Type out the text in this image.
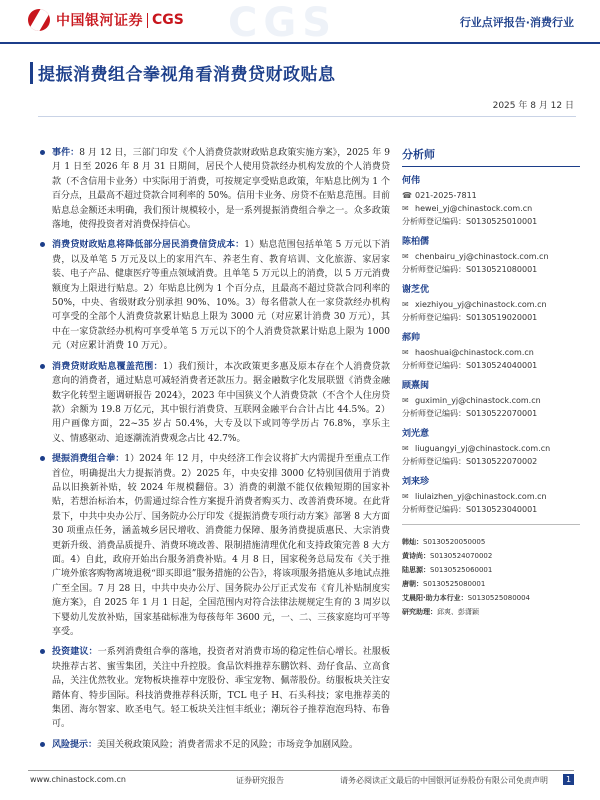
中国银河证券 CGS CGS	行业点评报告·消费行业
提振消费组合拳视角看消费贷财政贴息
2025 年 8 月 12 日
事件：8 月 12 日，三部门印发《个人消费贷款财政贴息政策实施方案》，2025 年 9 月 1 日至 2026 年 8 月 31 日期间，居民个人使用贷款经办机构发放的个人消费贷款（不含信用卡业务）中实际用于消费，可按规定享受贴息政策，年贴息比例为 1 个百分点，且最高不超过贷款合同利率的 50%。信用卡业务、房贷不在贴息范围。目前贴息总金额还未明确，我们预计规模较小，是一系列提振消费组合拳之一。众多政策落地，使得投资者对消费保持信心。
消费贷财政贴息将降低部分居民消费信贷成本：1）贴息范围包括单笔 5 万元以下消费，以及单笔 5 万元及以上的家用汽车、养老生育、教育培训、文化旅游、家居家装、电子产品、健康医疗等重点领域消费。且单笔 5 万元以上的消费，以 5 万元消费额度为上限进行贴息。2）年贴息比例为 1 个百分点，且最高不超过贷款合同利率的 50%，中央、省级财政分别承担 90%、10%。3）每名借款人在一家贷款经办机构可享受的全部个人消费贷款累计贴息上限为 3000 元（对应累计消费 30 万元），其中在一家贷款经办机构可享受单笔 5 万元以下的个人消费贷款累计贴息上限为 1000 元（对应累计消费 10 万元）。
消费贷财政贴息覆盖范围：1）我们预计，本次政策更多惠及原本存在个人消费贷款意向的消费者，通过贴息可减轻消费者还款压力。据金融数字化发展联盟《消费金融数字化转型主题调研报告 2024》，2023 年中国狭义个人消费贷款（不含个人住房贷款）余额为 19.8 万亿元，其中银行消费贷、互联网金融平台合计占比 44.5%。2）用户画像方面，22~35 岁占 50.4%，大专及以下或同等学历占 76.8%，享乐主义、情感驱动、追逐潮流消费观念占比 42.7%。
提振消费组合拳：1）2024 年 12 月，中央经济工作会议将扩大内需提升至重点工作首位，明确提出大力提振消费。2）2025 年，中央安排 3000 亿特别国债用于消费品以旧换新补贴，较 2024 年规模翻倍。3）消费的刺激不能仅依赖短期的国家补贴，若想治标治本，仍需通过综合性方案提升消费者购买力、改善消费环境。在此背景下，中共中央办公厅、国务院办公厅印发《提振消费专项行动方案》部署 8 大方面 30 项重点任务，涵盖城乡居民增收、消费能力保障、服务消费提质惠民、大宗消费更新升级、消费品质提升、消费环境改善、限制措施清理优化和支持政策完善 8 大方面。4）自此，政府开始出台服务消费补贴。4 月 8 日，国家税务总局发布《关于推广境外旅客购物离境退税“即买即退”服务措施的公告》，将该项服务措施从多地试点推广至全国。7 月 28 日，中共中央办公厅、国务院办公厅正式发布《育儿补贴制度实施方案》，自 2025 年 1 月 1 日起，全国范围内对符合法律法规规定生育的 3 周岁以下婴幼儿发放补贴，国家基础标准为每孩每年 3600 元，一、二、三孩家庭均可平等享受。
投资建议：一系列消费组合拳的落地，投资者对消费市场的稳定性信心增长。社服板块推荐古茗、蜜雪集团，关注中升控股。食品饮料推荐东鹏饮料、劲仔食品、立高食品，关注优然牧业。宠物板块推荐中宠股份、乖宝宠物、佩蒂股份。纺服板块关注安踏体育、特步国际。科技消费推荐科沃斯，TCL 电子 H、石头科技；家电推荐美的集团、海尔智家、欧圣电气。轻工板块关注恒丰纸业；潮玩谷子推荐泡泡玛特、布鲁可。
风险提示：美国关税政策风险；消费者需求不足的风险；市场竞争加剧风险。
分析师
何伟
☎ 021-2025-7811
✉ hewei_yj@chinastock.com.cn
分析师登记编码：S0130525010001
陈柏儒
✉ chenbairu_yj@chinastock.com.cn
分析师登记编码：S0130521080001
谢芝优
✉ xiezhiyou_yj@chinastock.com.cn
分析师登记编码：S0130519020001
郝帅
✉ haoshuai@chinastock.com.cn
分析师登记编码：S0130524040001
顾熹闽
✉ guximin_yj@chinastock.com.cn
分析师登记编码：S0130522070001
刘光意
✉ liuguangyi_yj@chinastock.com.cn
分析师登记编码：S0130522070002
刘来珍
✉ liulaizhen_yj@chinastock.com.cn
分析师登记编码：S0130523040001
韩灿：S0130520050005
黄诗尚：S0130524070002
陆思源：S0130525060001
唐朝：S0130525080001
艾晨阳·助力本行业：S0130525080004
研究助理：邱爽、彭潇颖
www.chinastock.com.cn	证券研究报告	请务必阅读正文最后的中国银河证券股份有限公司免责声明	1
